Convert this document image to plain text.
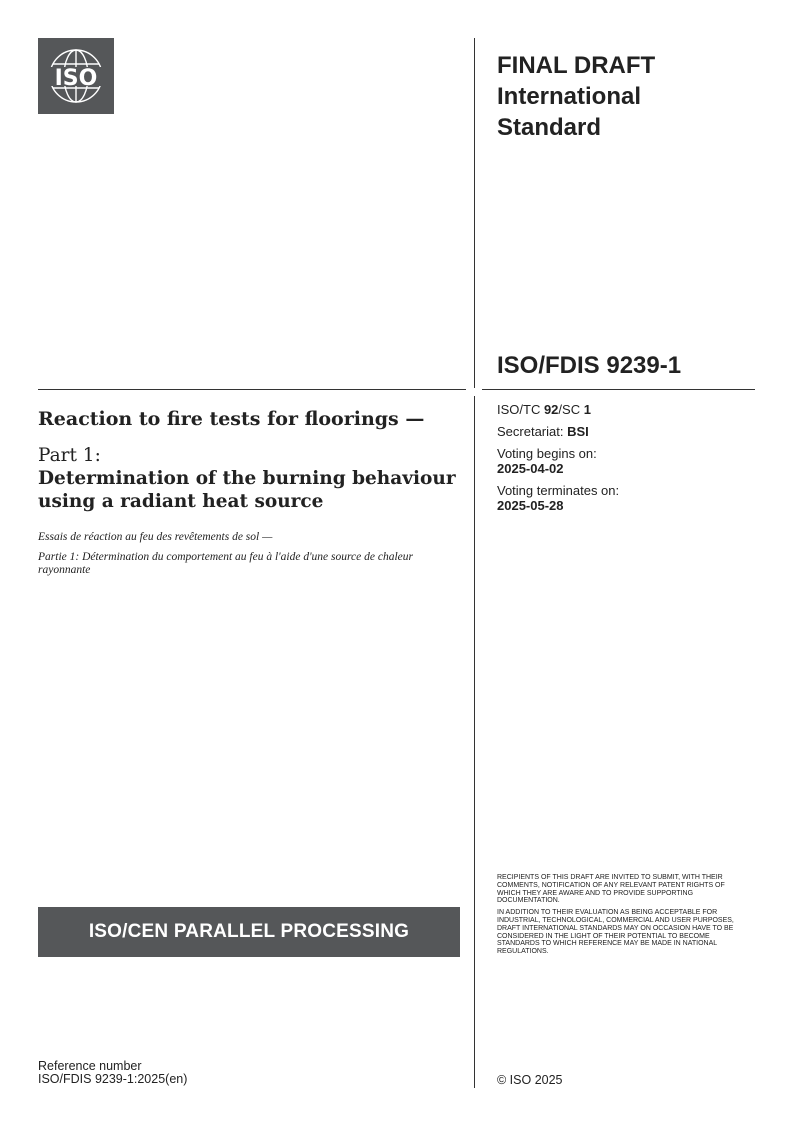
ISO	FINAL DRAFT
International
Standard
ISO/FDIS 9239-1
ISO/TC 92/SC 1
Secretariat: BSI
Voting begins on:
2025-04-02
Voting terminates on:
2025-05-28
Reaction to fire tests for floorings —
Part 1:
Determination of the burning behaviour using a radiant heat source
Essais de réaction au feu des revêtements de sol —
Partie 1: Détermination du comportement au feu à l'aide d'une source de chaleur rayonnante
ISO/CEN PARALLEL PROCESSING

RECIPIENTS OF THIS DRAFT ARE INVITED TO SUBMIT, WITH THEIR COMMENTS, NOTIFICATION OF ANY RELEVANT PATENT RIGHTS OF WHICH THEY ARE AWARE AND TO PROVIDE SUPPORTING DOCUMENTATION.

IN ADDITION TO THEIR EVALUATION AS BEING ACCEPTABLE FOR INDUSTRIAL, TECHNOLOGICAL, COMMERCIAL AND USER PURPOSES, DRAFT INTERNATIONAL STANDARDS MAY ON OCCASION HAVE TO BE CONSIDERED IN THE LIGHT OF THEIR POTENTIAL TO BECOME STANDARDS TO WHICH REFERENCE MAY BE MADE IN NATIONAL REGULATIONS.

Reference number
ISO/FDIS 9239-1:2025(en)	© ISO 2025
